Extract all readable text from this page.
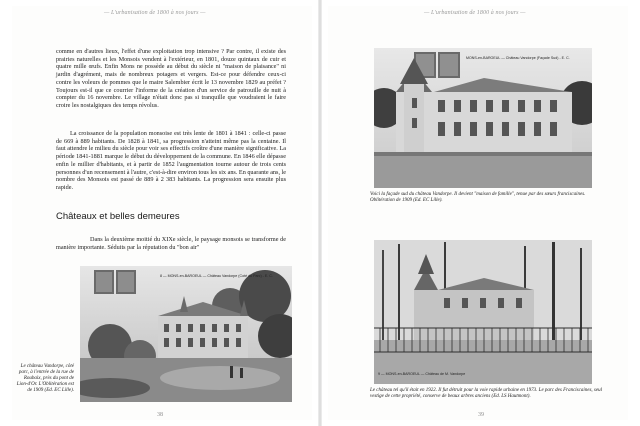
— L'urbanisation de 1800 à nos jours —

comme en d'autres lieux, l'effet d'une exploitation trop intensive ? Par contre, il existe des prairies naturelles et les Monsois vendent à l'extérieur, en 1801, douze quintaux de cuir et quatre mille œufs. Enfin Mons ne possède au début du siècle ni "maison de plaisance" ni jardin d'agrément, mais de nombreux potagers et vergers. Est-ce pour défendre ceux-ci contre les voleurs de pommes que le maire Salembier écrit le 13 novembre 1829 au préfet ? Toujours est-il que ce courrier l'informe de la création d'un service de patrouille de nuit à compter du 16 novembre. Le village n'était donc pas si tranquille que voudraient le faire croire les nostalgiques des temps révolus.

La croissance de la population monsoise est très lente de 1801 à 1841 : celle-ci passe de 669 à 889 habitants. De 1828 à 1841, sa progression n'atteint même pas la centaine. Il faut attendre le milieu du siècle pour voir ses effectifs croître d'une manière significative. La période 1841-1881 marque le début du développement de la commune. En 1846 elle dépasse enfin le millier d'habitants, et à partir de 1852 l'augmentation tourne autour de trois cents personnes d'un recensement à l'autre, c'est-à-dire environ tous les six ans. En quarante ans, le nombre des Monsois est passé de 889 à 2 383 habitants. La progression sera ensuite plus rapide.

Châteaux et belles demeures

Dans la deuxième moitié du XIXe siècle, le paysage monsois se transforme de manière importante. Séduits par la réputation du "bon air"

8 — MONS-en-BAROEUL — Château Vandorpe (Coté du Parc) - E. C.
Le château Vandorpe, côté parc, à l'entrée de la rue de Roubaix, près du pont de Lion-d'Or. L'Oblitération est de 1909 (Ed. EC Lille).
38
— L'urbanisation de 1800 à nos jours —
MONS-en-BAROEUL — Château Vandorpe (Façade Sud) - E. C.
Voici la façade sud du château Vandorpe. Il devient "maison de famille", tenue par des sœurs franciscaines. Oblitération de 1909 (Ed. EC Lille).
9 — MONS-en-BAROEUL — Château de M. Vandorpe
Le château tel qu'il était en 1922. Il fut détruit pour la voie rapide urbaine en 1973. Le parc des Franciscaines, seul vestige de cette propriété, conserve de beaux arbres anciens (Ed. LS Hautmont).
39
